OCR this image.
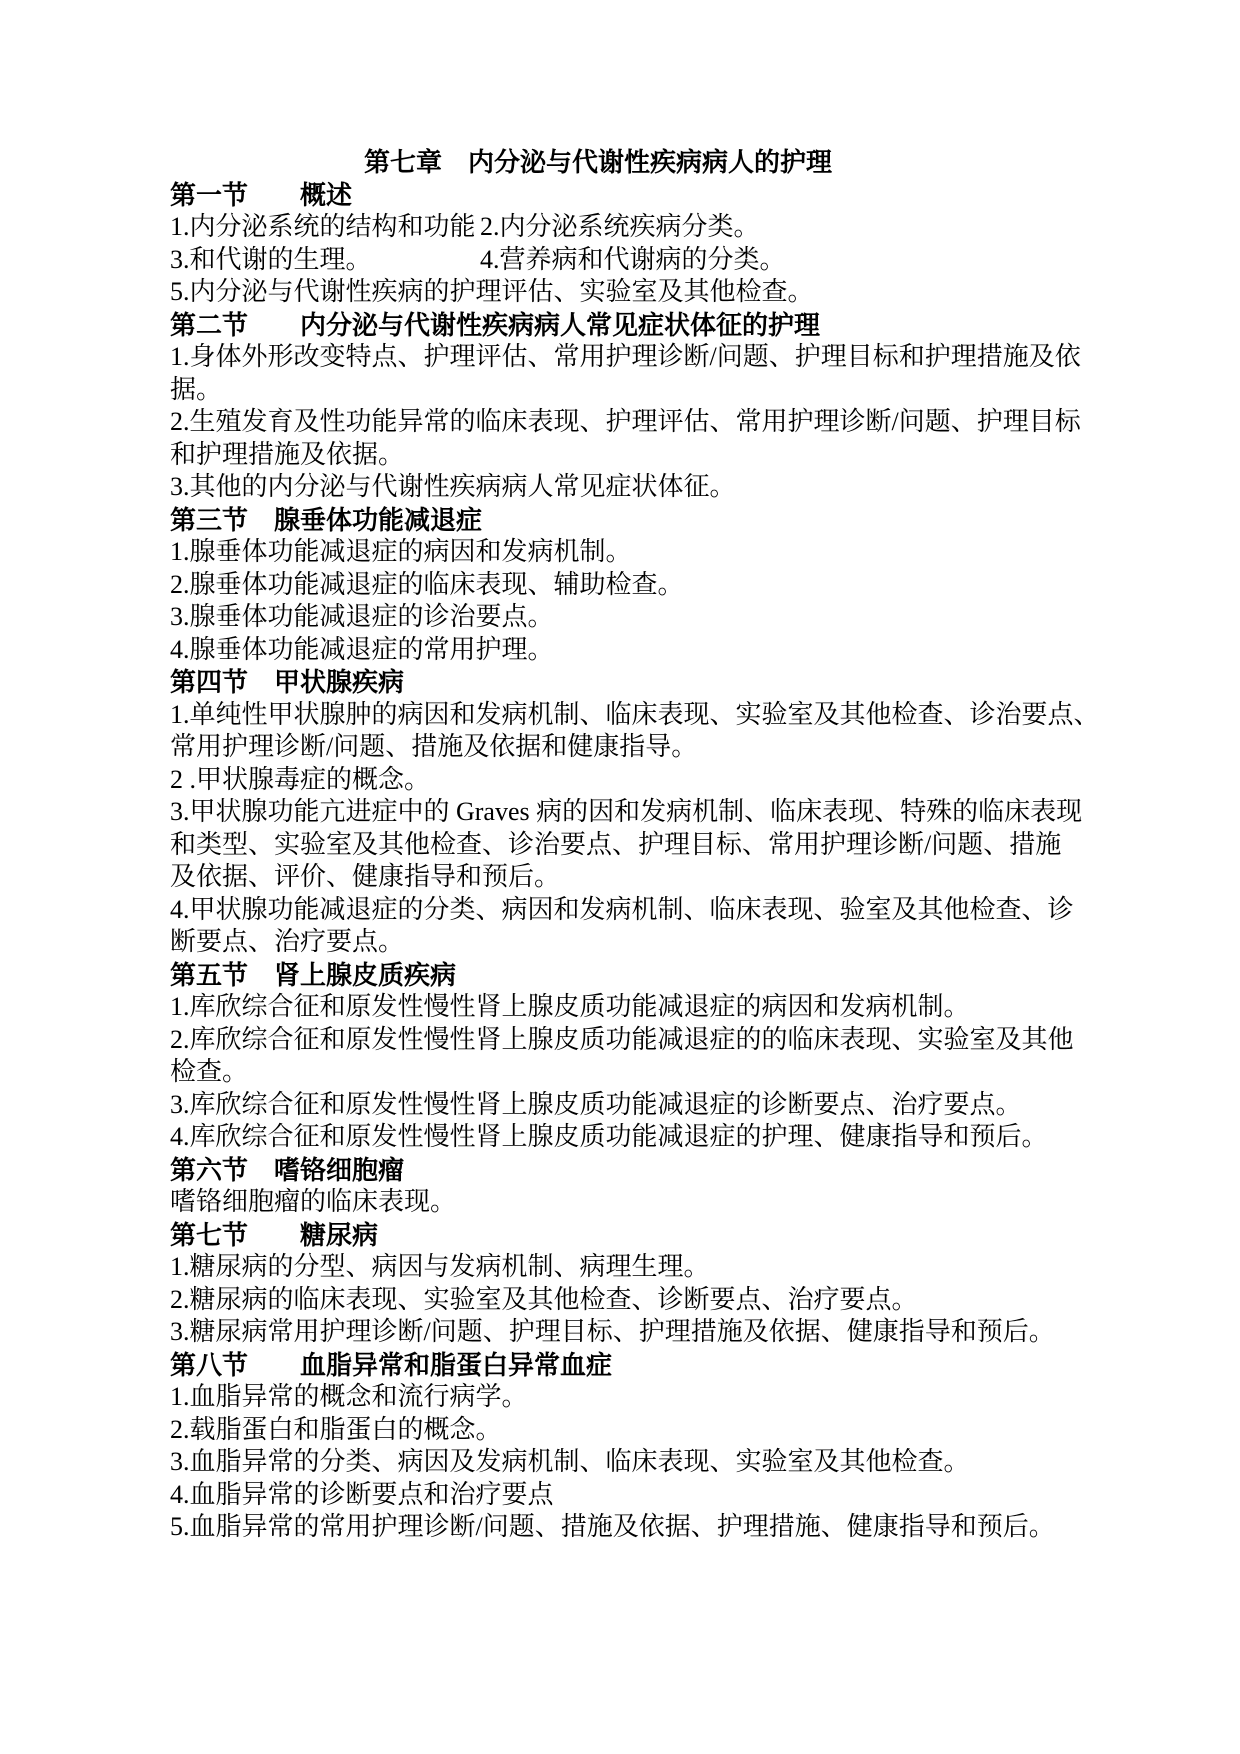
第七章　内分泌与代谢性疾病病人的护理
第一节　　概述
1.内分泌系统的结构和功能 2.内分泌系统疾病分类。
3.和代谢的生理。	4.营养病和代谢病的分类。
5.内分泌与代谢性疾病的护理评估、实验室及其他检查。
第二节　　内分泌与代谢性疾病病人常见症状体征的护理
1.身体外形改变特点、护理评估、常用护理诊断/问题、护理目标和护理措施及依
据。
2.生殖发育及性功能异常的临床表现、护理评估、常用护理诊断/问题、护理目标
和护理措施及依据。
3.其他的内分泌与代谢性疾病病人常见症状体征。
第三节　腺垂体功能减退症
1.腺垂体功能减退症的病因和发病机制。
2.腺垂体功能减退症的临床表现、辅助检查。
3.腺垂体功能减退症的诊治要点。
4.腺垂体功能减退症的常用护理。
第四节　甲状腺疾病
1.单纯性甲状腺肿的病因和发病机制、临床表现、实验室及其他检查、诊治要点、
常用护理诊断/问题、措施及依据和健康指导。
2 .甲状腺毒症的概念。
3.甲状腺功能亢进症中的 Graves 病的因和发病机制、临床表现、特殊的临床表现
和类型、实验室及其他检查、诊治要点、护理目标、常用护理诊断/问题、措施
及依据、评价、健康指导和预后。
4.甲状腺功能减退症的分类、病因和发病机制、临床表现、验室及其他检查、诊
断要点、治疗要点。
第五节　肾上腺皮质疾病
1.库欣综合征和原发性慢性肾上腺皮质功能减退症的病因和发病机制。
2.库欣综合征和原发性慢性肾上腺皮质功能减退症的的临床表现、实验室及其他
检查。
3.库欣综合征和原发性慢性肾上腺皮质功能减退症的诊断要点、治疗要点。
4.库欣综合征和原发性慢性肾上腺皮质功能减退症的护理、健康指导和预后。
第六节　嗜铬细胞瘤
嗜铬细胞瘤的临床表现。
第七节　　糖尿病
1.糖尿病的分型、病因与发病机制、病理生理。
2.糖尿病的临床表现、实验室及其他检查、诊断要点、治疗要点。
3.糖尿病常用护理诊断/问题、护理目标、护理措施及依据、健康指导和预后。
第八节　　血脂异常和脂蛋白异常血症
1.血脂异常的概念和流行病学。
2.载脂蛋白和脂蛋白的概念。
3.血脂异常的分类、病因及发病机制、临床表现、实验室及其他检查。
4.血脂异常的诊断要点和治疗要点
5.血脂异常的常用护理诊断/问题、措施及依据、护理措施、健康指导和预后。
